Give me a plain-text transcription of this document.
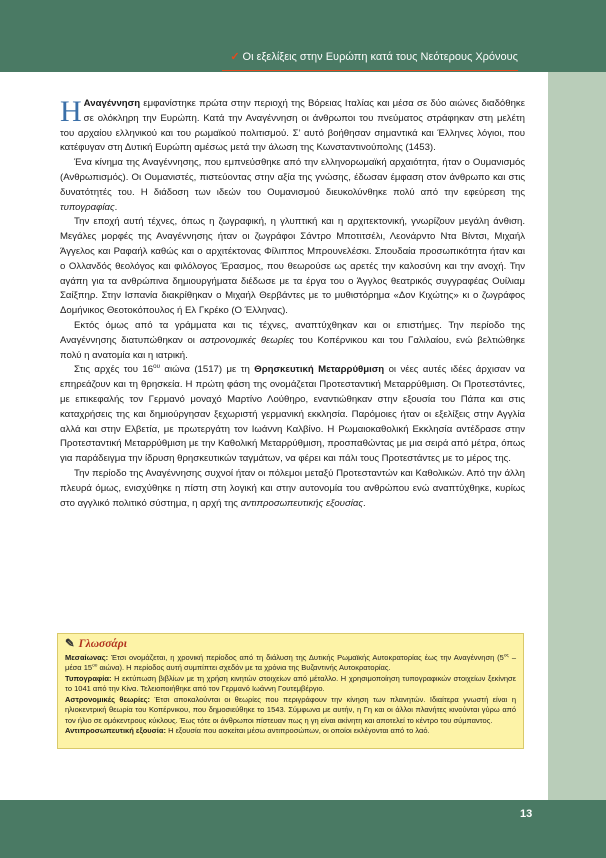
✓ Οι εξελίξεις στην Ευρώπη κατά τους Νεότερους Χρόνους

Η Αναγέννηση εμφανίστηκε πρώτα στην περιοχή της Βόρειας Ιταλίας και μέσα σε δύο αιώνες διαδόθηκε σε ολόκληρη την Ευρώπη. Κατά την Αναγέννηση οι άνθρωποι του πνεύματος στράφηκαν στη μελέτη του αρχαίου ελληνικού και του ρωμαϊκού πολιτισμού. Σ’ αυτό βοήθησαν σημαντικά και Έλληνες λόγιοι, που κατέφυγαν στη Δυτική Ευρώπη αμέσως μετά την άλωση της Κωνσταντινούπολης (1453).

Ένα κίνημα της Αναγέννησης, που εμπνεύσθηκε από την ελληνορωμαϊκή αρχαιότητα, ήταν ο Ουμανισμός (Ανθρωπισμός). Οι Ουμανιστές, πιστεύοντας στην αξία της γνώσης, έδωσαν έμφαση στον άνθρωπο και στις δυνατότητές του. Η διάδοση των ιδεών του Ουμανισμού διευκολύνθηκε πολύ από την εφεύρεση της τυπογραφίας.

Την εποχή αυτή τέχνες, όπως η ζωγραφική, η γλυπτική και η αρχιτεκτονική, γνωρίζουν μεγάλη άνθιση. Μεγάλες μορφές της Αναγέννησης ήταν οι ζωγράφοι Σάντρο Μποτιτσέλι, Λεονάρντο Ντα Βίντσι, Μιχαήλ Άγγελος και Ραφαήλ καθώς και ο αρχιτέκτονας Φίλιππος Μπρουνελέσκι. Σπουδαία προσωπικότητα ήταν και ο Ολλανδός θεολόγος και φιλόλογος Έρασμος, που θεωρούσε ως αρετές την καλοσύνη και την ανοχή. Την αγάπη για τα ανθρώπινα δημιουργήματα διέδωσε με τα έργα του ο Άγγλος θεατρικός συγγραφέας Ουίλιαμ Σαίξπηρ. Στην Ισπανία διακρίθηκαν ο Μιχαήλ Θερβάντες με το μυθιστόρημα «Δον Κιχώτης» κι ο ζωγράφος Δομήνικος Θεοτοκόπουλος ή Ελ Γκρέκο (Ο Έλληνας).

Εκτός όμως από τα γράμματα και τις τέχνες, αναπτύχθηκαν και οι επιστήμες. Την περίοδο της Αναγέννησης διατυπώθηκαν οι αστρονομικές θεωρίες του Κοπέρνικου και του Γαλιλαίου, ενώ βελτιώθηκε πολύ η ανατομία και η ιατρική.

Στις αρχές του $16^{o\upsilon}$ αιώνα (1517) με τη Θρησκευτική Μεταρρύθμιση οι νέες αυτές ιδέες άρχισαν να επηρεάζουν και τη θρησκεία. Η πρώτη φάση της ονομάζεται Προτεσταντική Μεταρρύθμιση. Οι Προτεστάντες, με επικεφαλής τον Γερμανό μοναχό Μαρτίνο Λούθηρο, εναντιώθηκαν στην εξουσία του Πάπα και στις καταχρήσεις της και δημιούργησαν ξεχωριστή γερμανική εκκλησία. Παρόμοιες ήταν οι εξελίξεις στην Αγγλία αλλά και στην Ελβετία, με πρωτεργάτη τον Ιωάννη Καλβίνο. Η Ρωμαιοκαθολική Εκκλησία αντέδρασε στην Προτεσταντική Μεταρρύθμιση με την Καθολική Μεταρρύθμιση, προσπαθώντας με μια σειρά από μέτρα, όπως για παράδειγμα την ίδρυση θρησκευτικών ταγμάτων, να φέρει και πάλι τους Προτεστάντες με το μέρος της.

Την περίοδο της Αναγέννησης συχνοί ήταν οι πόλεμοι μεταξύ Προτεσταντών και Καθολικών. Από την άλλη πλευρά όμως, ενισχύθηκε η πίστη στη λογική και στην αυτονομία του ανθρώπου ενώ αναπτύχθηκε, κυρίως στο αγγλικό πολιτικό σύστημα, η αρχή της αντιπροσωπευτικής εξουσίας.

✎ Γλωσσάρι
Μεσαίωνας: Έτσι ονομάζεται, η χρονική περίοδος από τη διάλυση της Δυτικής Ρωμαϊκής Αυτοκρατορίας έως την Αναγέννηση ($5^{o\varsigma}$ – μέσα $15^{o\upsilon}$ αιώνα). Η περίοδος αυτή συμπίπτει σχεδόν με τα χρόνια της Βυζαντινής Αυτοκρατορίας.
Τυπογραφία: Η εκτύπωση βιβλίων με τη χρήση κινητών στοιχείων από μέταλλο. Η χρησιμοποίηση τυπογραφικών στοιχείων ξεκίνησε το 1041 από την Κίνα. Τελειοποιήθηκε από τον Γερμανό Ιωάννη Γουτεμβέργιο.
Αστρονομικές θεωρίες: Έτσι αποκαλούνται οι θεωρίες που περιγράφουν την κίνηση των πλανητών. Ιδιαίτερα γνωστή είναι η ηλιοκεντρική θεωρία του Κοπέρνικου, που δημοσιεύθηκε το 1543. Σύμφωνα με αυτήν, η Γη και οι άλλοι πλανήτες κινούνται γύρω από τον ήλιο σε ομόκεντρους κύκλους. Έως τότε οι άνθρωποι πίστευαν πως η γη είναι ακίνητη και αποτελεί το κέντρο του σύμπαντος.
Αντιπροσωπευτική εξουσία: Η εξουσία που ασκείται μέσω αντιπροσώπων, οι οποίοι εκλέγονται από το λαό.
13
